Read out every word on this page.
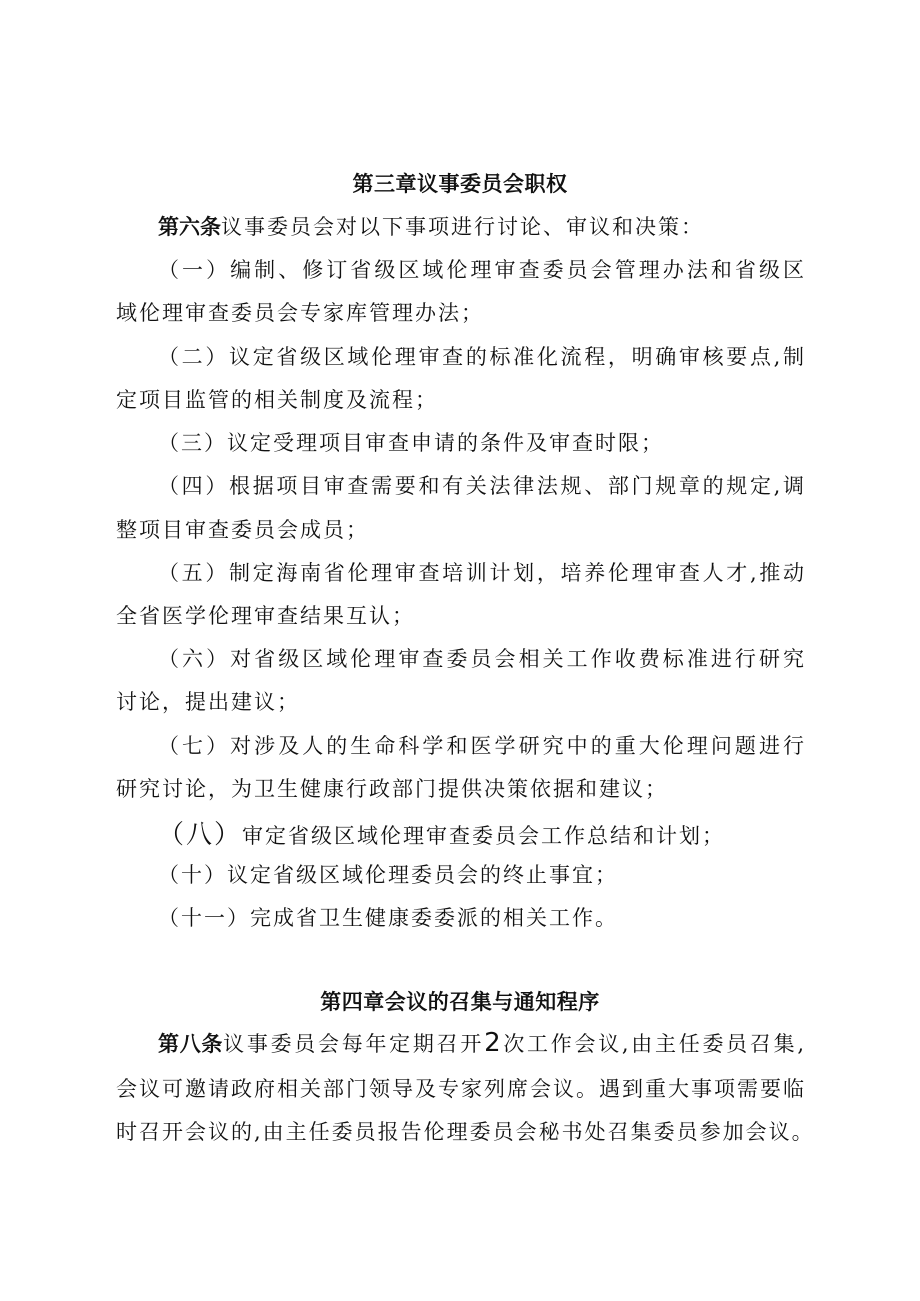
第三章议事委员会职权
第六条议事委员会对以下事项进行讨论、审议和决策：
（一）编制、修订省级区域伦理审查委员会管理办法和省级区
域伦理审查委员会专家库管理办法；
（二）议定省级区域伦理审查的标准化流程，明确审核要点,制
定项目监管的相关制度及流程；
（三）议定受理项目审查申请的条件及审查时限；
（四）根据项目审查需要和有关法律法规、部门规章的规定,调
整项目审查委员会成员；
（五）制定海南省伦理审查培训计划，培养伦理审查人才,推动
全省医学伦理审查结果互认；
（六）对省级区域伦理审查委员会相关工作收费标准进行研究
讨论，提出建议；
（七）对涉及人的生命科学和医学研究中的重大伦理问题进行
研究讨论，为卫生健康行政部门提供决策依据和建议；
（八）审定省级区域伦理审查委员会工作总结和计划；
（十）议定省级区域伦理委员会的终止事宜；
（十一）完成省卫生健康委委派的相关工作。
第四章会议的召集与通知程序
第八条议事委员会每年定期召开2次工作会议,由主任委员召集,
会议可邀请政府相关部门领导及专家列席会议。遇到重大事项需要临
时召开会议的,由主任委员报告伦理委员会秘书处召集委员参加会议。
